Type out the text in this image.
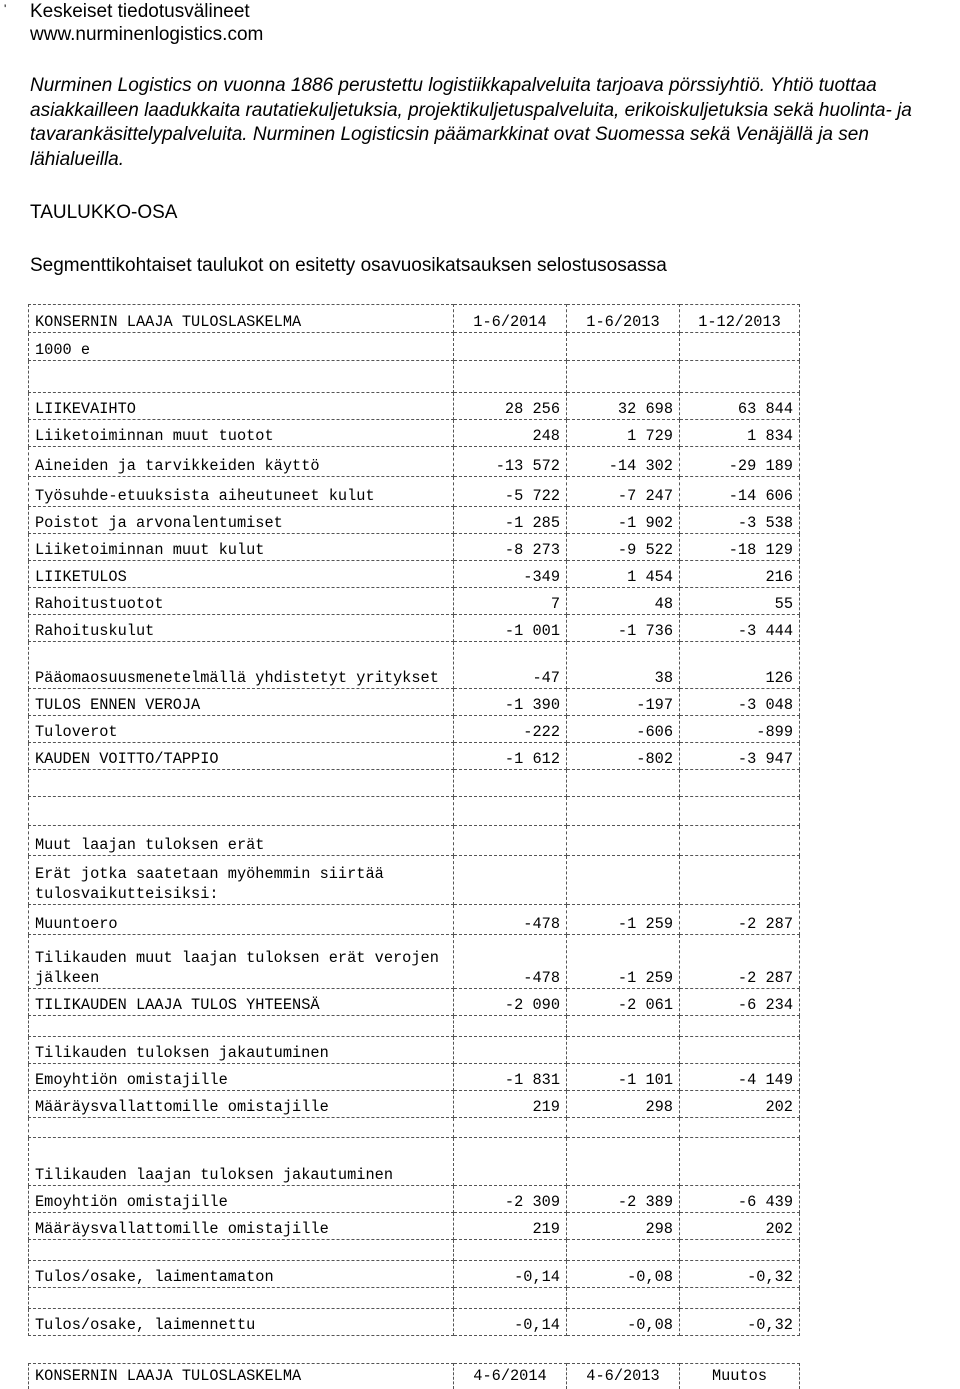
' Keskeiset tiedotusvälineet
www.nurminenlogistics.com
Nurminen Logistics on vuonna 1886 perustettu logistiikkapalveluita tarjoava pörssiyhtiö. Yhtiö tuottaa asiakkailleen laadukkaita rautatiekuljetuksia, projektikuljetuspalveluita, erikoiskuljetuksia sekä huolinta- ja tavarankäsittelypalveluita. Nurminen Logisticsin päämarkkinat ovat Suomessa sekä Venäjällä ja sen lähialueilla.
TAULUKKO-OSA
Segmenttikohtaiset taulukot on esitetty osavuosikatsauksen selostusosassa
KONSERNIN LAAJA TULOSLASKELMA	1-6/2014	1-6/2013	1-12/2013
1000 e			

LIIKEVAIHTO	28 256	32 698	63 844
Liiketoiminnan muut tuotot	248	1 729	1 834
Aineiden ja tarvikkeiden käyttö	-13 572	-14 302	-29 189
Työsuhde-etuuksista aiheutuneet kulut	-5 722	-7 247	-14 606
Poistot ja arvonalentumiset	-1 285	-1 902	-3 538
Liiketoiminnan muut kulut	-8 273	-9 522	-18 129
LIIKETULOS	-349	1 454	216
Rahoitustuotot	7	48	55
Rahoituskulut	-1 001	-1 736	-3 444
Pääomaosuusmenetelmällä yhdistetyt yritykset	-47	38	126
TULOS ENNEN VEROJA	-1 390	-197	-3 048
Tuloverot	-222	-606	-899
KAUDEN VOITTO/TAPPIO	-1 612	-802	-3 947

Muut laajan tuloksen erät			
Erät jotka saatetaan myöhemmin siirtää tulosvaikutteisiksi:			
Muuntoero	-478	-1 259	-2 287
Tilikauden muut laajan tuloksen erät verojen jälkeen	-478	-1 259	-2 287
TILIKAUDEN LAAJA TULOS YHTEENSÄ	-2 090	-2 061	-6 234

Tilikauden tuloksen jakautuminen			
Emoyhtiön omistajille	-1 831	-1 101	-4 149
Määräysvallattomille omistajille	219	298	202

Tilikauden laajan tuloksen jakautuminen			
Emoyhtiön omistajille	-2 309	-2 389	-6 439
Määräysvallattomille omistajille	219	298	202

Tulos/osake, laimentamaton	-0,14	-0,08	-0,32

Tulos/osake, laimennettu	-0,14	-0,08	-0,32
KONSERNIN LAAJA TULOSLASKELMA	4-6/2014	4-6/2013	Muutos
